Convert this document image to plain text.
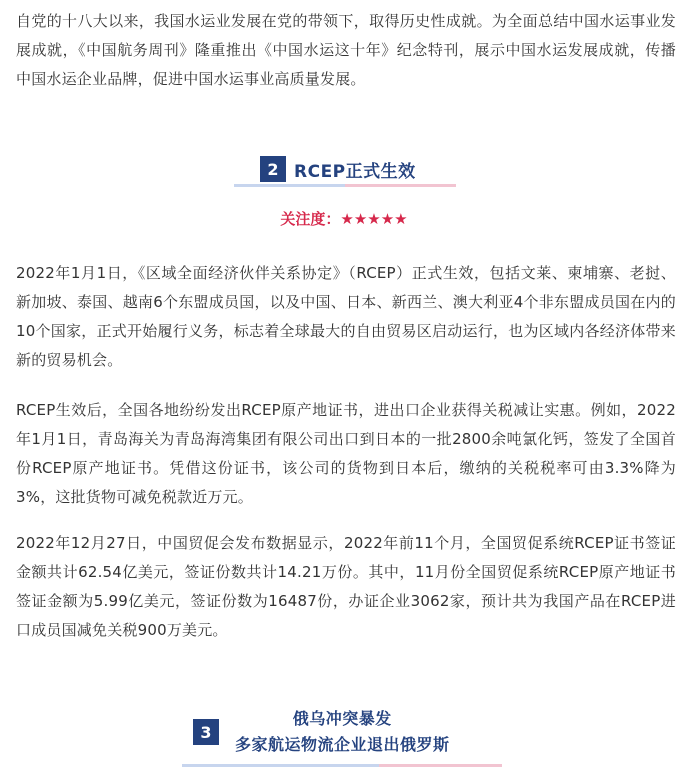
自党的十八大以来，我国水运业发展在党的带领下，取得历史性成就。为全面总结中国水运事业发展成就，《中国航务周刊》隆重推出《中国水运这十年》纪念特刊，展示中国水运发展成就，传播中国水运企业品牌，促进中国水运事业高质量发展。

2 RCEP正式生效
关注度：★★★★★

2022年1月1日，《区域全面经济伙伴关系协定》（RCEP）正式生效，包括文莱、柬埔寨、老挝、新加坡、泰国、越南6个东盟成员国，以及中国、日本、新西兰、澳大利亚4个非东盟成员国在内的10个国家，正式开始履行义务，标志着全球最大的自由贸易区启动运行，也为区域内各经济体带来新的贸易机会。

RCEP生效后，全国各地纷纷发出RCEP原产地证书，进出口企业获得关税减让实惠。例如，2022年1月1日，青岛海关为青岛海湾集团有限公司出口到日本的一批2800余吨氯化钙，签发了全国首份RCEP原产地证书。凭借这份证书，该公司的货物到日本后，缴纳的关税税率可由3.3%降为3%，这批货物可减免税款近万元。

2022年12月27日，中国贸促会发布数据显示，2022年前11个月，全国贸促系统RCEP证书签证金额共计62.54亿美元，签证份数共计14.21万份。其中，11月份全国贸促系统RCEP原产地证书签证金额为5.99亿美元，签证份数为16487份，办证企业3062家，预计共为我国产品在RCEP进口成员国减免关税900万美元。

3
俄乌冲突暴发
多家航运物流企业退出俄罗斯
